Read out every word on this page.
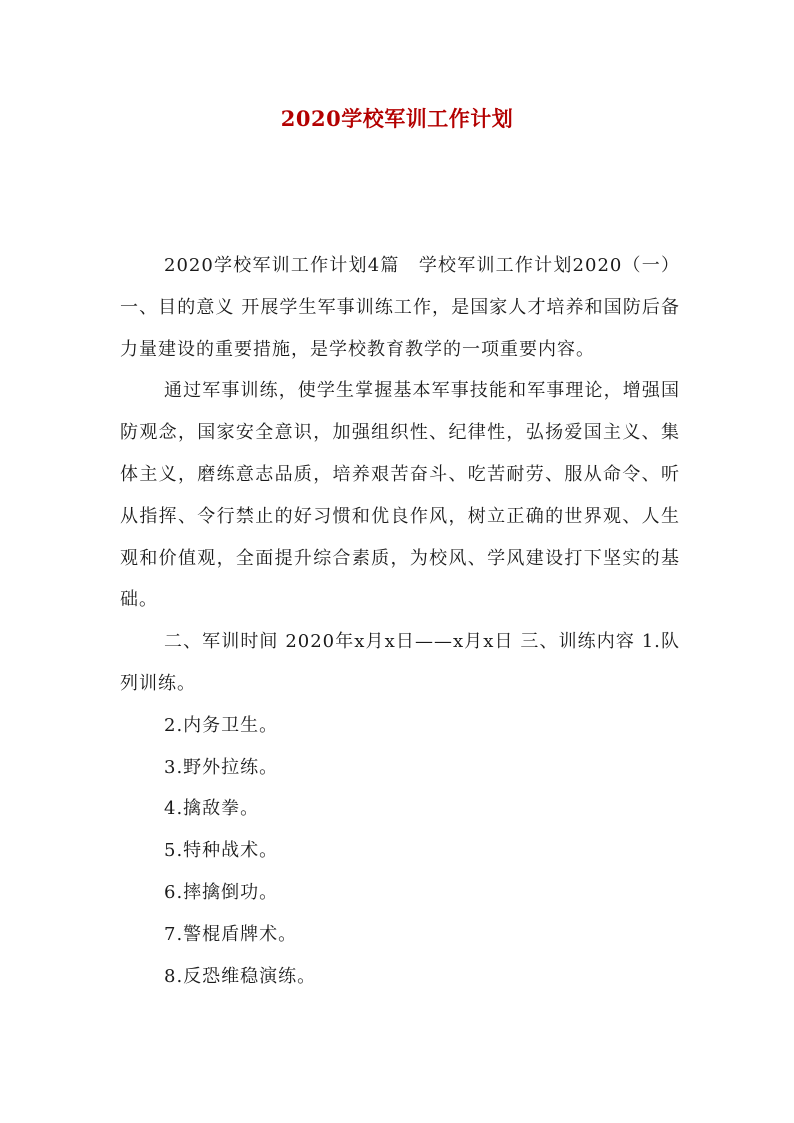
2020学校军训工作计划

2020学校军训工作计划4篇　学校军训工作计划2020（一）一、目的意义 开展学生军事训练工作，是国家人才培养和国防后备力量建设的重要措施，是学校教育教学的一项重要内容。

通过军事训练，使学生掌握基本军事技能和军事理论，增强国防观念，国家安全意识，加强组织性、纪律性，弘扬爱国主义、集体主义，磨练意志品质，培养艰苦奋斗、吃苦耐劳、服从命令、听从指挥、令行禁止的好习惯和优良作风，树立正确的世界观、人生观和价值观，全面提升综合素质，为校风、学风建设打下坚实的基础。

二、军训时间 2020年x月x日——x月x日 三、训练内容 1.队列训练。

2.内务卫生。

3.野外拉练。

4.擒敌拳。

5.特种战术。

6.摔擒倒功。

7.警棍盾牌术。

8.反恐维稳演练。
